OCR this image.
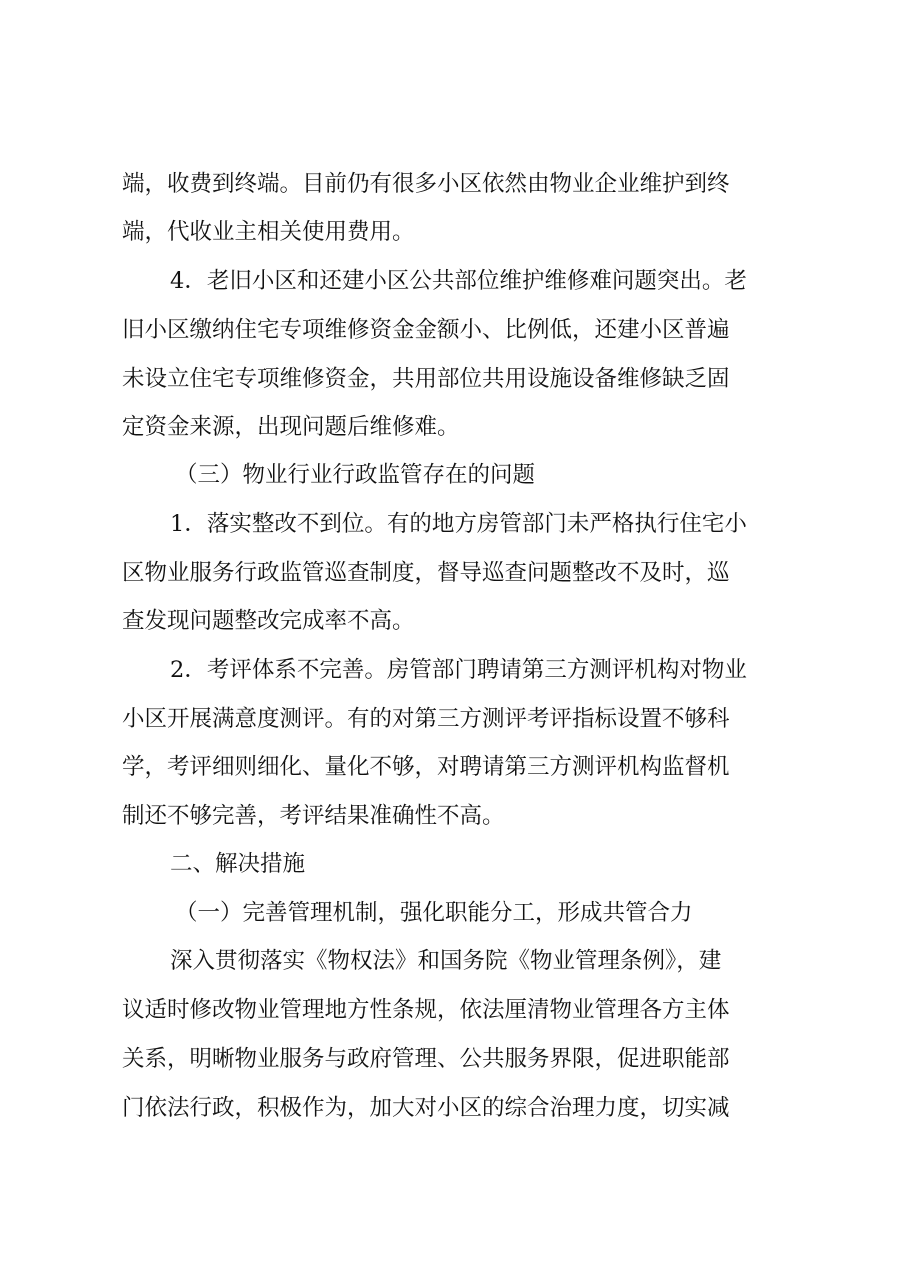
端，收费到终端。目前仍有很多小区依然由物业企业维护到终
端，代收业主相关使用费用。
4．老旧小区和还建小区公共部位维护维修难问题突出。老
旧小区缴纳住宅专项维修资金金额小、比例低，还建小区普遍
未设立住宅专项维修资金，共用部位共用设施设备维修缺乏固
定资金来源，出现问题后维修难。
（三）物业行业行政监管存在的问题
1．落实整改不到位。有的地方房管部门未严格执行住宅小
区物业服务行政监管巡查制度，督导巡查问题整改不及时，巡
查发现问题整改完成率不高。
2．考评体系不完善。房管部门聘请第三方测评机构对物业
小区开展满意度测评。有的对第三方测评考评指标设置不够科
学，考评细则细化、量化不够，对聘请第三方测评机构监督机
制还不够完善，考评结果准确性不高。
二、解决措施
（一）完善管理机制，强化职能分工，形成共管合力
深入贯彻落实《物权法》和国务院《物业管理条例》，建
议适时修改物业管理地方性条规，依法厘清物业管理各方主体
关系，明晰物业服务与政府管理、公共服务界限，促进职能部
门依法行政，积极作为，加大对小区的综合治理力度，切实减
